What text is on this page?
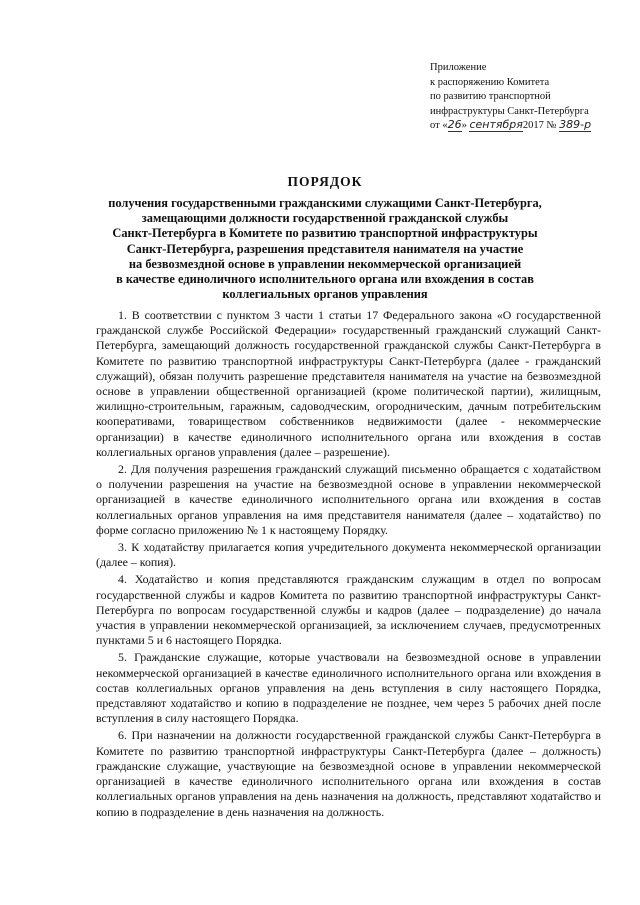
Приложение
к распоряжению Комитета
по развитию транспортной
инфраструктуры Санкт-Петербурга
от «26» сентября2017 № 389-р
ПОРЯДОК
получения государственными гражданскими служащими Санкт-Петербурга,
замещающими должности государственной гражданской службы
Санкт-Петербурга в Комитете по развитию транспортной инфраструктуры
Санкт-Петербурга, разрешения представителя нанимателя на участие
на безвозмездной основе в управлении некоммерческой организацией
в качестве единоличного исполнительного органа или вхождения в состав
коллегиальных органов управления

1. В соответствии с пунктом 3 части 1 статьи 17 Федерального закона «О государственной гражданской службе Российской Федерации» государственный гражданский служащий Санкт-Петербурга, замещающий должность государственной гражданской службы Санкт-Петербурга в Комитете по развитию транспортной инфраструктуры Санкт-Петербурга (далее - гражданский служащий), обязан получить разрешение представителя нанимателя на участие на безвозмездной основе в управлении общественной организацией (кроме политической партии), жилищным, жилищно-строительным, гаражным, садоводческим, огородническим, дачным потребительским кооперативами, товариществом собственников недвижимости (далее - некоммерческие организации) в качестве единоличного исполнительного органа или вхождения в состав коллегиальных органов управления (далее – разрешение).

2. Для получения разрешения гражданский служащий письменно обращается с ходатайством о получении разрешения на участие на безвозмездной основе в управлении некоммерческой организацией в качестве единоличного исполнительного органа или вхождения в состав коллегиальных органов управления на имя представителя нанимателя (далее – ходатайство) по форме согласно приложению № 1 к настоящему Порядку.

3. К ходатайству прилагается копия учредительного документа некоммерческой организации (далее – копия).

4. Ходатайство и копия представляются гражданским служащим в отдел по вопросам государственной службы и кадров Комитета по развитию транспортной инфраструктуры Санкт-Петербурга по вопросам государственной службы и кадров (далее – подразделение) до начала участия в управлении некоммерческой организацией, за исключением случаев, предусмотренных пунктами 5 и 6 настоящего Порядка.

5. Гражданские служащие, которые участвовали на безвозмездной основе в управлении некоммерческой организацией в качестве единоличного исполнительного органа или вхождения в состав коллегиальных органов управления на день вступления в силу настоящего Порядка, представляют ходатайство и копию в подразделение не позднее, чем через 5 рабочих дней после вступления в силу настоящего Порядка.

6. При назначении на должности государственной гражданской службы Санкт-Петербурга в Комитете по развитию транспортной инфраструктуры Санкт-Петербурга (далее – должность) гражданские служащие, участвующие на безвозмездной основе в управлении некоммерческой организацией в качестве единоличного исполнительного органа или вхождения в состав коллегиальных органов управления на день назначения на должность, представляют ходатайство и копию в подразделение в день назначения на должность.
